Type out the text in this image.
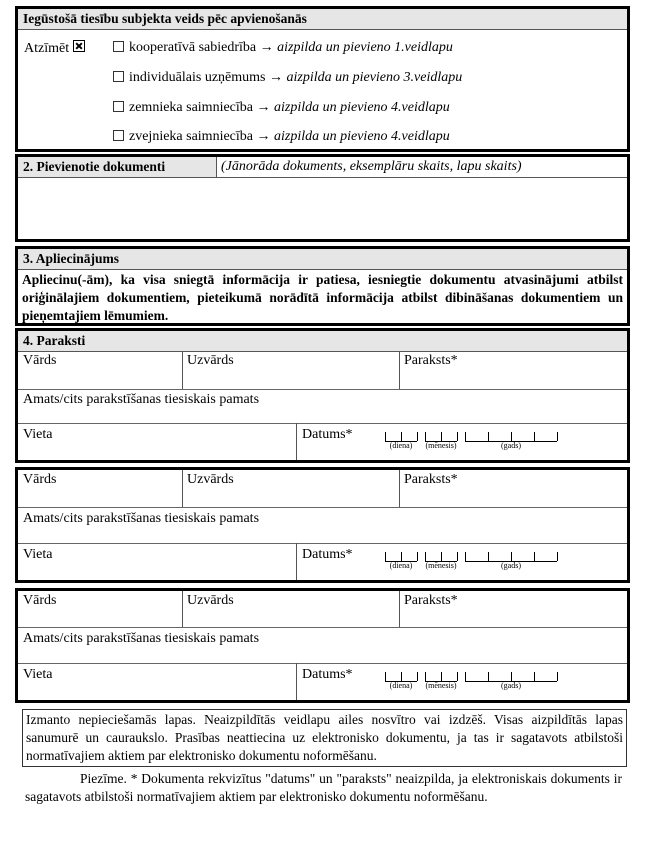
Iegūstošā tiesību subjekta veids pēc apvienošanās
Atzīmēt	kooperatīvā sabiedrība → aizpilda un pievieno 1.veidlapu
individuālais uzņēmums → aizpilda un pievieno 3.veidlapu
zemnieka saimniecība → aizpilda un pievieno 4.veidlapu
zvejnieka saimniecība → aizpilda un pievieno 4.veidlapu
2. Pievienotie dokumenti	(Jānorāda dokuments, eksemplāru skaits, lapu skaits)
3. Apliecinājums
Apliecinu(-ām), ka visa sniegtā informācija ir patiesa, iesniegtie dokumentu atvasinājumi atbilst oriģinālajiem dokumentiem, pieteikumā norādītā informācija atbilst dibināšanas dokumentiem un pieņemtajiem lēmumiem.
4. Paraksti
Vārds	Uzvārds	Paraksts*
Amats/cits parakstīšanas tiesiskais pamats
Vieta	Datums*
(diena) (mēnesis)	(gads)
Vārds	Uzvārds	Paraksts*
Amats/cits parakstīšanas tiesiskais pamats
Vieta	Datums*
(diena) (mēnesis)	(gads)
Vārds	Uzvārds	Paraksts*
Amats/cits parakstīšanas tiesiskais pamats
Vieta	Datums*
(diena) (mēnesis)	(gads)
Izmanto nepieciešamās lapas. Neaizpildītās veidlapu ailes nosvītro vai izdzēš. Visas aizpildītās lapas sanumurē un cauraukslo. Prasības neattiecina uz elektronisko dokumentu, ja tas ir sagatavots atbilstoši normatīvajiem aktiem par elektronisko dokumentu noformēšanu.
Piezīme. * Dokumenta rekvizītus "datums" un "paraksts" neaizpilda, ja elektroniskais dokuments ir sagatavots atbilstoši normatīvajiem aktiem par elektronisko dokumentu noformēšanu.
